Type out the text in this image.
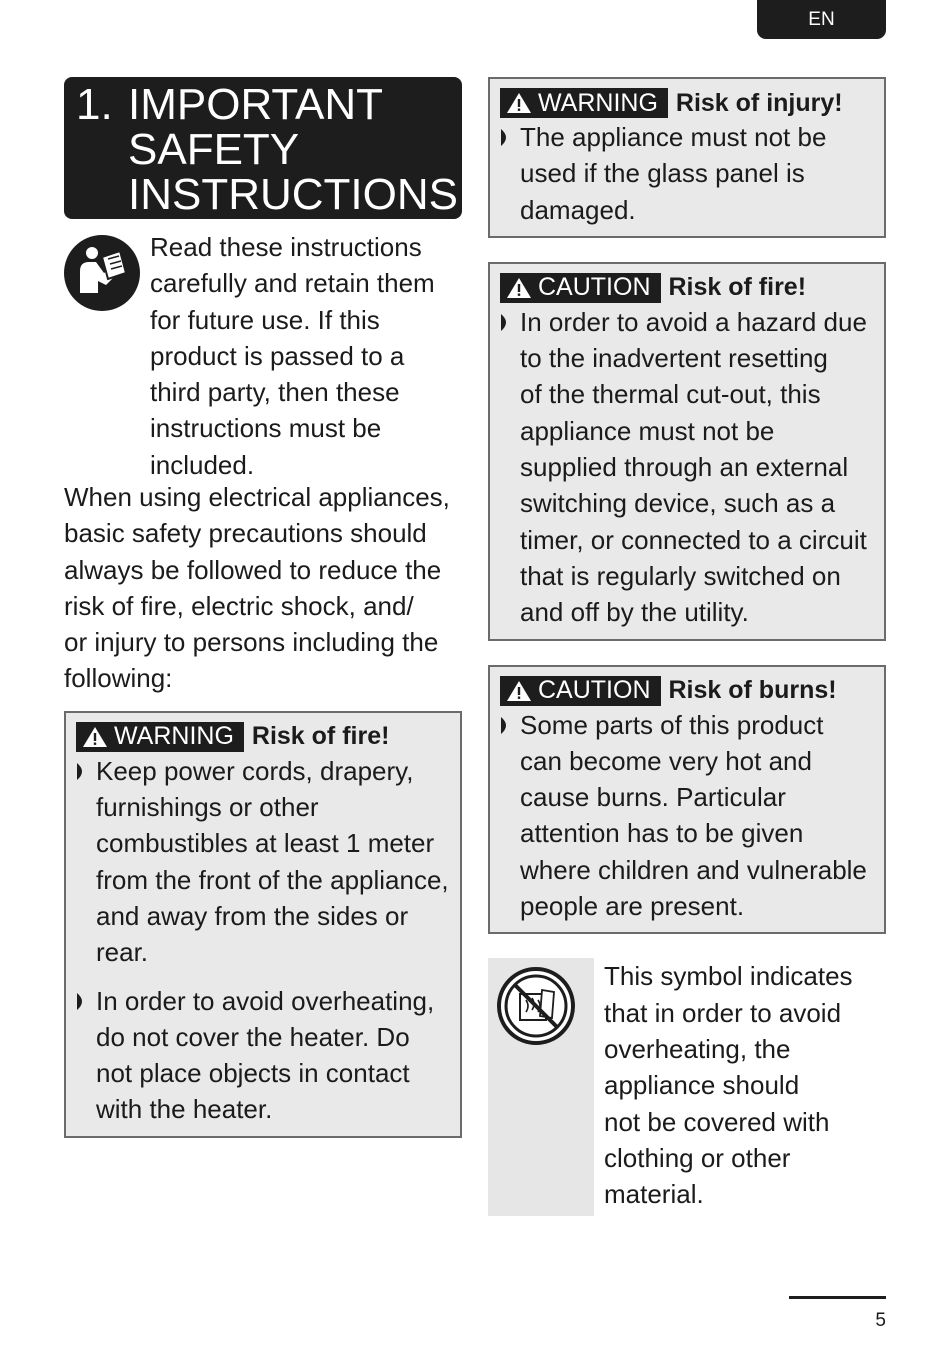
EN
1. IMPORTANT
SAFETY
INSTRUCTIONS
Read these instructions
carefully and retain them
for future use. If this
product is passed to a
third party, then these
instructions must be
included.

When using electrical appliances,
basic safety precautions should
always be followed to reduce the
risk of fire, electric shock, and/
or injury to persons including the
following:

WARNING Risk of fire!
Keep power cords, drapery,
furnishings or other
combustibles at least 1 meter
from the front of the appliance,
and away from the sides or
rear.
In order to avoid overheating,
do not cover the heater. Do
not place objects in contact
with the heater.
WARNING Risk of injury!
The appliance must not be
used if the glass panel is
damaged.
CAUTION Risk of fire!
In order to avoid a hazard due
to the inadvertent resetting
of the thermal cut-out, this
appliance must not be
supplied through an external
switching device, such as a
timer, or connected to a circuit
that is regularly switched on
and off by the utility.
CAUTION Risk of burns!
Some parts of this product
can become very hot and
cause burns. Particular
attention has to be given
where children and vulnerable
people are present.
This symbol indicates
that in order to avoid
overheating, the
appliance should
not be covered with
clothing or other
material.
5
